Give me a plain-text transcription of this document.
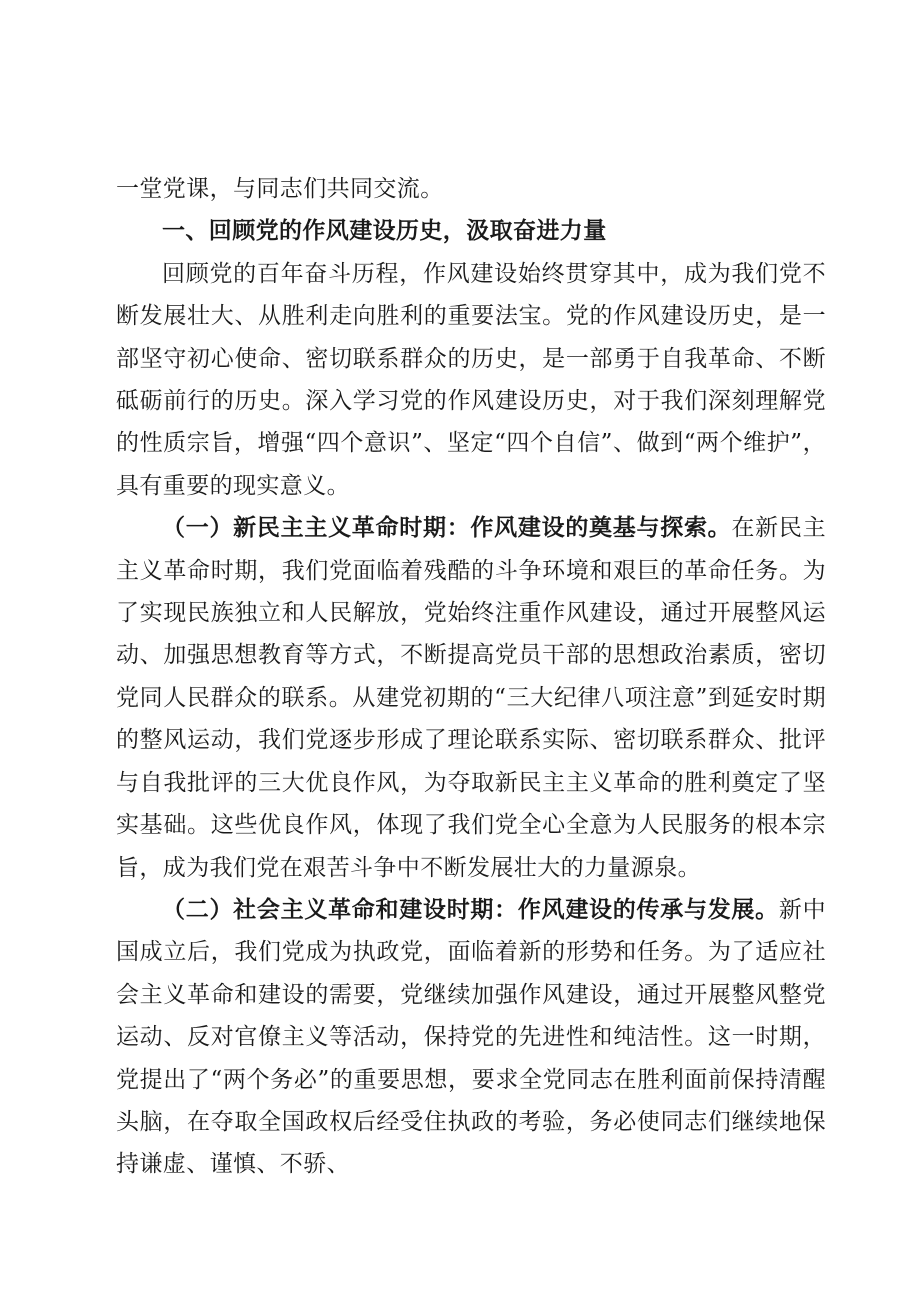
一堂党课，与同志们共同交流。

一、回顾党的作风建设历史，汲取奋进力量

回顾党的百年奋斗历程，作风建设始终贯穿其中，成为我们党不断发展壮大、从胜利走向胜利的重要法宝。党的作风建设历史，是一部坚守初心使命、密切联系群众的历史，是一部勇于自我革命、不断砥砺前行的历史。深入学习党的作风建设历史，对于我们深刻理解党的性质宗旨，增强“四个意识”、坚定“四个自信”、做到“两个维护”，具有重要的现实意义。

（一）新民主主义革命时期：作风建设的奠基与探索。在新民主主义革命时期，我们党面临着残酷的斗争环境和艰巨的革命任务。为了实现民族独立和人民解放，党始终注重作风建设，通过开展整风运动、加强思想教育等方式，不断提高党员干部的思想政治素质，密切党同人民群众的联系。从建党初期的“三大纪律八项注意”到延安时期的整风运动，我们党逐步形成了理论联系实际、密切联系群众、批评与自我批评的三大优良作风，为夺取新民主主义革命的胜利奠定了坚实基础。这些优良作风，体现了我们党全心全意为人民服务的根本宗旨，成为我们党在艰苦斗争中不断发展壮大的力量源泉。

（二）社会主义革命和建设时期：作风建设的传承与发展。新中国成立后，我们党成为执政党，面临着新的形势和任务。为了适应社会主义革命和建设的需要，党继续加强作风建设，通过开展整风整党运动、反对官僚主义等活动，保持党的先进性和纯洁性。这一时期，党提出了“两个务必”的重要思想，要求全党同志在胜利面前保持清醒头脑，在夺取全国政权后经受住执政的考验，务必使同志们继续地保持谦虚、谨慎、不骄、
